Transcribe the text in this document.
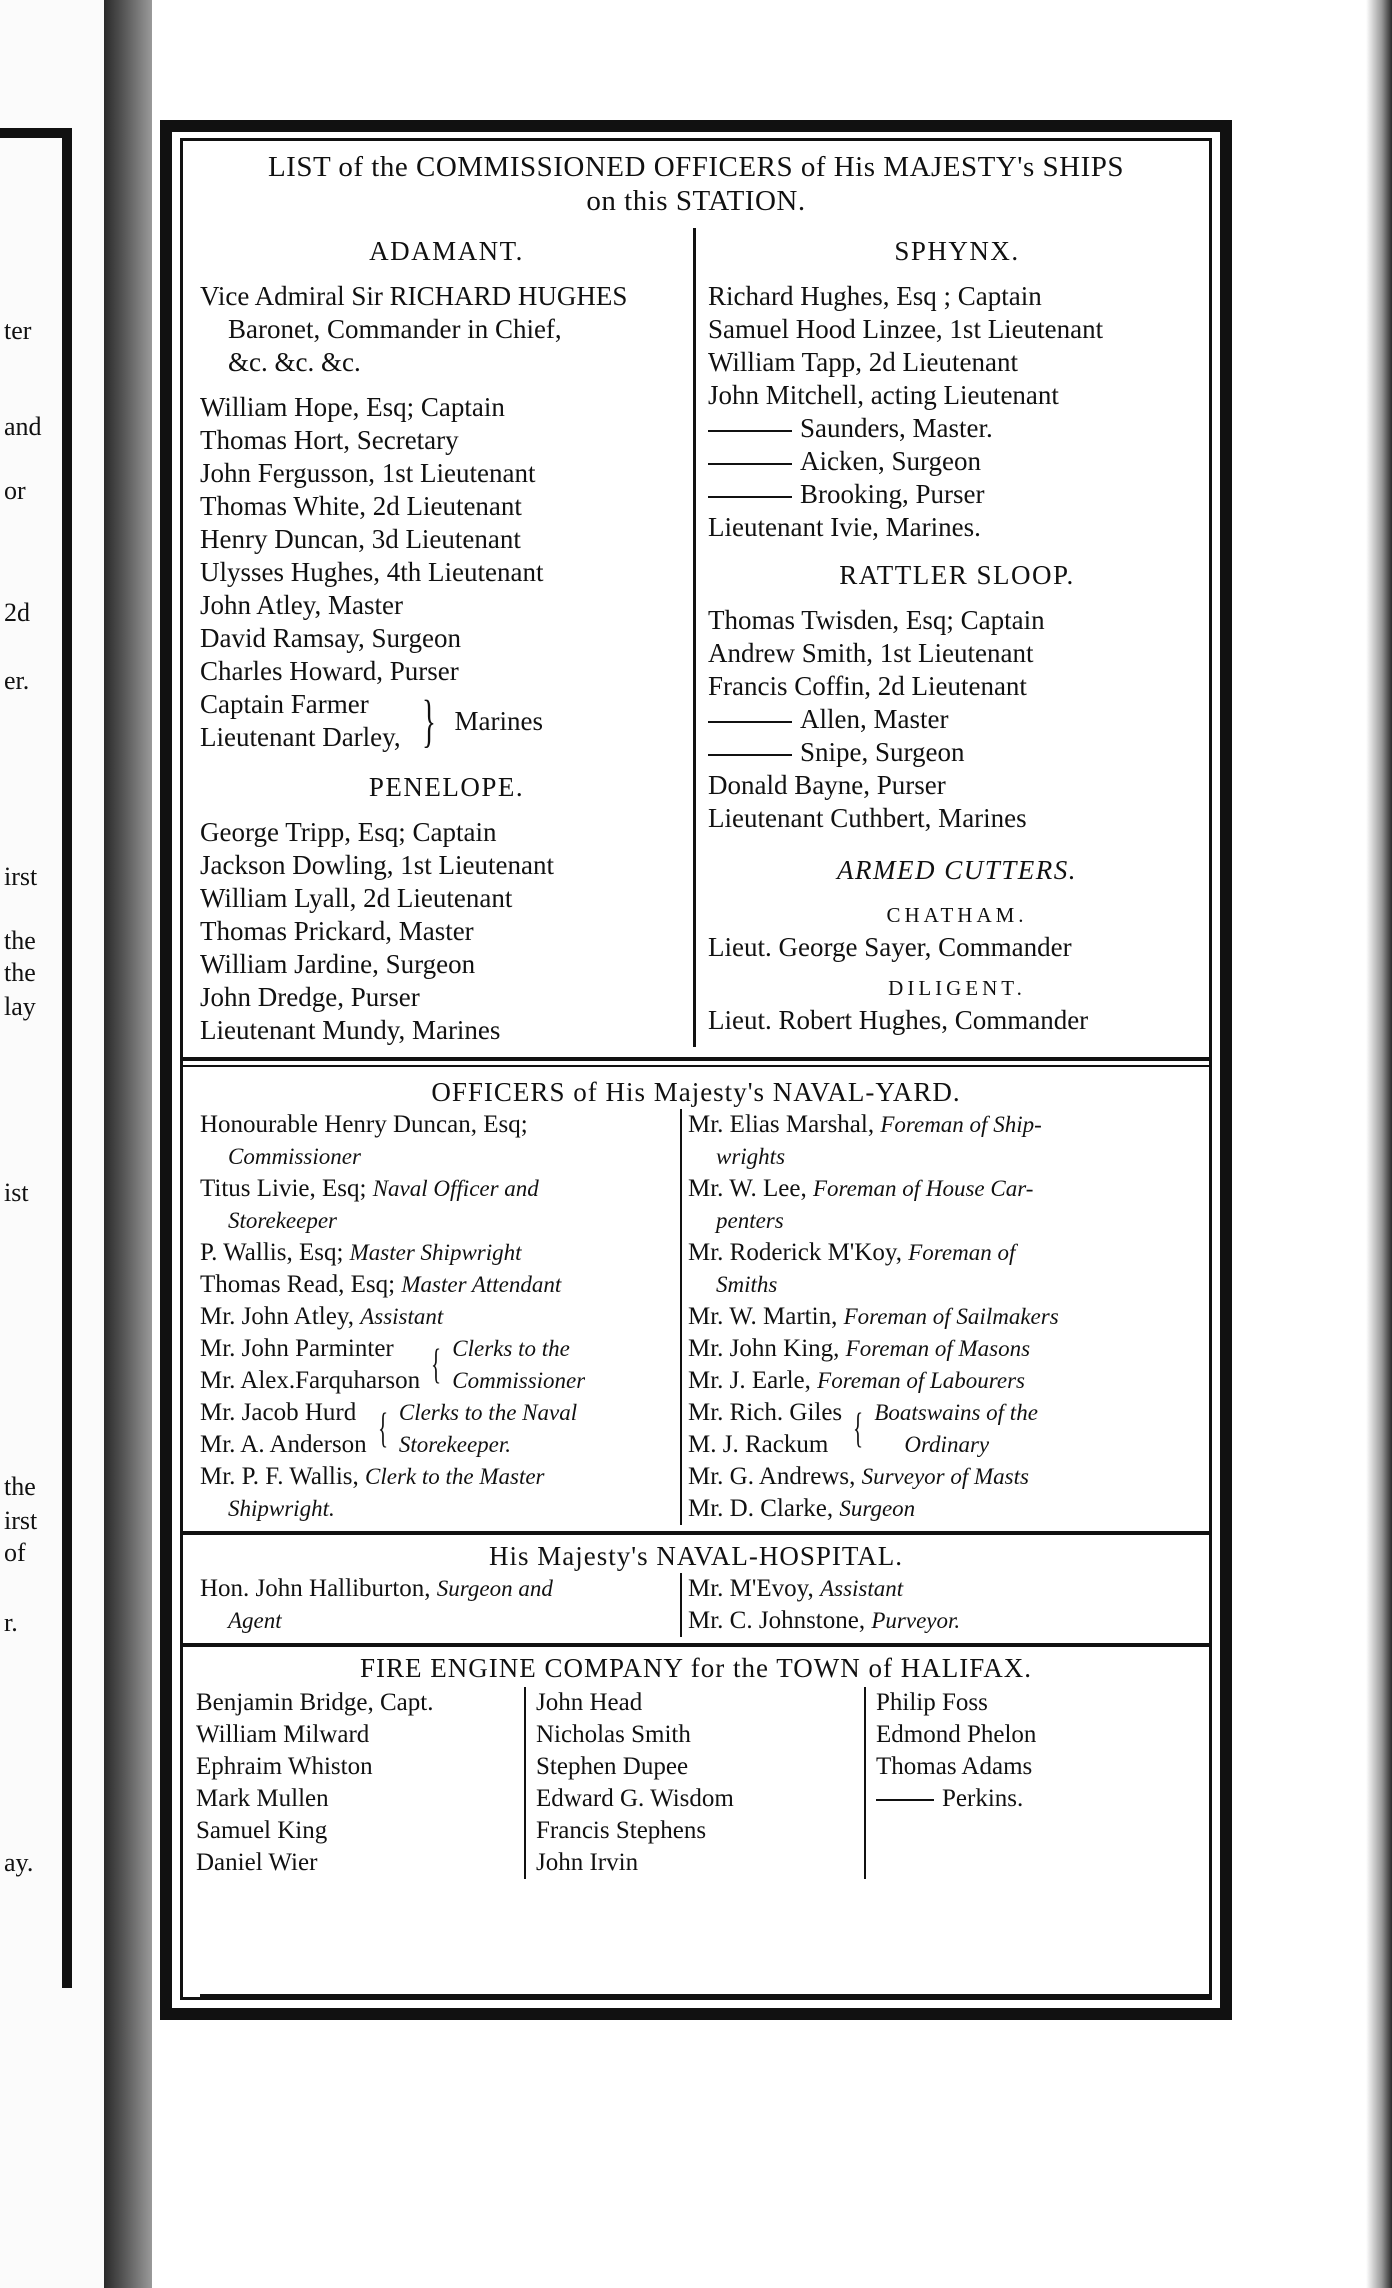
ter
and
or
2d
er.
irst
the
the
lay
ist
the
irst
of
r.
ay.
LIST of the COMMISSIONED OFFICERS of His MAJESTY's SHIPS
on this STATION.
ADAMANT.
Vice Admiral Sir RICHARD HUGHES
Baronet, Commander in Chief,
&c. &c. &c.
William Hope, Esq; Captain
Thomas Hort, Secretary
John Fergusson, 1st Lieutenant
Thomas White, 2d Lieutenant
Henry Duncan, 3d Lieutenant
Ulysses Hughes, 4th Lieutenant
John Atley, Master
David Ramsay, Surgeon
Charles Howard, Purser
Captain Farmer
Lieutenant Darley, } Marines
PENELOPE.
George Tripp, Esq; Captain
Jackson Dowling, 1st Lieutenant
William Lyall, 2d Lieutenant
Thomas Prickard, Master
William Jardine, Surgeon
John Dredge, Purser
Lieutenant Mundy, Marines
SPHYNX.
Richard Hughes, Esq ; Captain
Samuel Hood Linzee, 1st Lieutenant
William Tapp, 2d Lieutenant
John Mitchell, acting Lieutenant
Saunders, Master.
Aicken, Surgeon
Brooking, Purser
Lieutenant Ivie, Marines.
RATTLER SLOOP.
Thomas Twisden, Esq; Captain
Andrew Smith, 1st Lieutenant
Francis Coffin, 2d Lieutenant
Allen, Master
Snipe, Surgeon
Donald Bayne, Purser
Lieutenant Cuthbert, Marines
ARMED CUTTERS.
CHATHAM.
Lieut. George Sayer, Commander
DILIGENT.
Lieut. Robert Hughes, Commander
OFFICERS of His Majesty's NAVAL-YARD.
Honourable Henry Duncan, Esq;
Commissioner
Titus Livie, Esq; Naval Officer and
Storekeeper
P. Wallis, Esq; Master Shipwright
Thomas Read, Esq; Master Attendant
Mr. John Atley, Assistant
Mr. John Parminter
Mr. Alex.Farquharson { Clerks to the
Commissioner
Mr. Jacob Hurd
Mr. A. Anderson { Clerks to the Naval
Storekeeper.
Mr. P. F. Wallis, Clerk to the Master
Shipwright.
Mr. Elias Marshal, Foreman of Ship-
wrights
Mr. W. Lee, Foreman of House Car-
penters
Mr. Roderick M'Koy, Foreman of
Smiths
Mr. W. Martin, Foreman of Sailmakers
Mr. John King, Foreman of Masons
Mr. J. Earle, Foreman of Labourers
Mr. Rich. Giles
M. J. Rackum { Boatswains of the
Ordinary
Mr. G. Andrews, Surveyor of Masts
Mr. D. Clarke, Surgeon
His Majesty's NAVAL-HOSPITAL.
Hon. John Halliburton, Surgeon and
Agent
Mr. M'Evoy, Assistant
Mr. C. Johnstone, Purveyor.
FIRE ENGINE COMPANY for the TOWN of HALIFAX.
Benjamin Bridge, Capt.
William Milward
Ephraim Whiston
Mark Mullen
Samuel King
Daniel Wier
John Head
Nicholas Smith
Stephen Dupee
Edward G. Wisdom
Francis Stephens
John Irvin
Philip Foss
Edmond Phelon
Thomas Adams
Perkins.
